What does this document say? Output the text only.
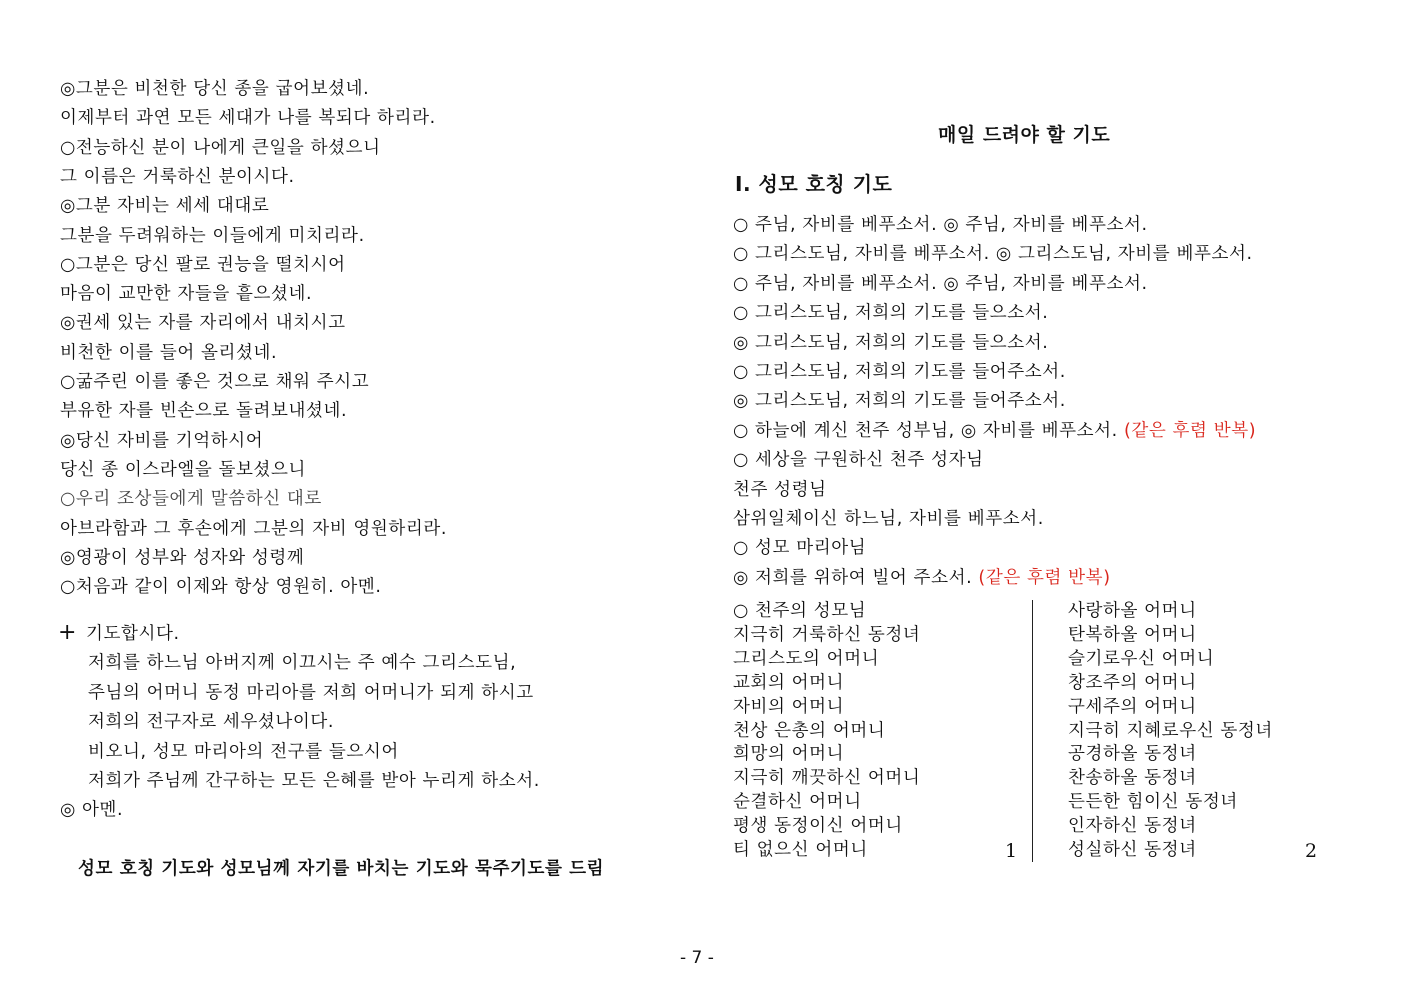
◎그분은 비천한 당신 종을 굽어보셨네.
이제부터 과연 모든 세대가 나를 복되다 하리라.
○전능하신 분이 나에게 큰일을 하셨으니
그 이름은 거룩하신 분이시다.
◎그분 자비는 세세 대대로
그분을 두려워하는 이들에게 미치리라.
○그분은 당신 팔로 권능을 떨치시어
마음이 교만한 자들을 흩으셨네.
◎권세 있는 자를 자리에서 내치시고
비천한 이를 들어 올리셨네.
○굶주린 이를 좋은 것으로 채워 주시고
부유한 자를 빈손으로 돌려보내셨네.
◎당신 자비를 기억하시어
당신 종 이스라엘을 돌보셨으니
○우리 조상들에게 말씀하신 대로
아브라함과 그 후손에게 그분의 자비 영원하리라.
◎영광이 성부와 성자와 성령께
○처음과 같이 이제와 항상 영원히. 아멘.
+ 기도합시다.
저희를 하느님 아버지께 이끄시는 주 예수 그리스도님,
주님의 어머니 동정 마리아를 저희 어머니가 되게 하시고
저희의 전구자로 세우셨나이다.
비오니, 성모 마리아의 전구를 들으시어
저희가 주님께 간구하는 모든 은혜를 받아 누리게 하소서.
◎ 아멘.
성모 호칭 기도와 성모님께 자기를 바치는 기도와 묵주기도를 드림
매일 드려야 할 기도
Ⅰ. 성모 호칭 기도
○ 주님, 자비를 베푸소서. ◎ 주님, 자비를 베푸소서.
○ 그리스도님, 자비를 베푸소서. ◎ 그리스도님, 자비를 베푸소서.
○ 주님, 자비를 베푸소서. ◎ 주님, 자비를 베푸소서.
○ 그리스도님, 저희의 기도를 들으소서.
◎ 그리스도님, 저희의 기도를 들으소서.
○ 그리스도님, 저희의 기도를 들어주소서.
◎ 그리스도님, 저희의 기도를 들어주소서.
○ 하늘에 계신 천주 성부님, ◎ 자비를 베푸소서. (같은 후렴 반복)
○ 세상을 구원하신 천주 성자님
천주 성령님
삼위일체이신 하느님, 자비를 베푸소서.
○ 성모 마리아님
◎ 저희를 위하여 빌어 주소서. (같은 후렴 반복)
○ 천주의 성모님
지극히 거룩하신 동정녀
그리스도의 어머니
교회의 어머니
자비의 어머니
천상 은총의 어머니
희망의 어머니
지극히 깨끗하신 어머니
순결하신 어머니
평생 동정이신 어머니
티 없으신 어머니
사랑하올 어머니
탄복하올 어머니
슬기로우신 어머니
창조주의 어머니
구세주의 어머니
지극히 지혜로우신 동정녀
공경하올 동정녀
찬송하올 동정녀
든든한 힘이신 동정녀
인자하신 동정녀
성실하신 동정녀
1	2
- 7 -
